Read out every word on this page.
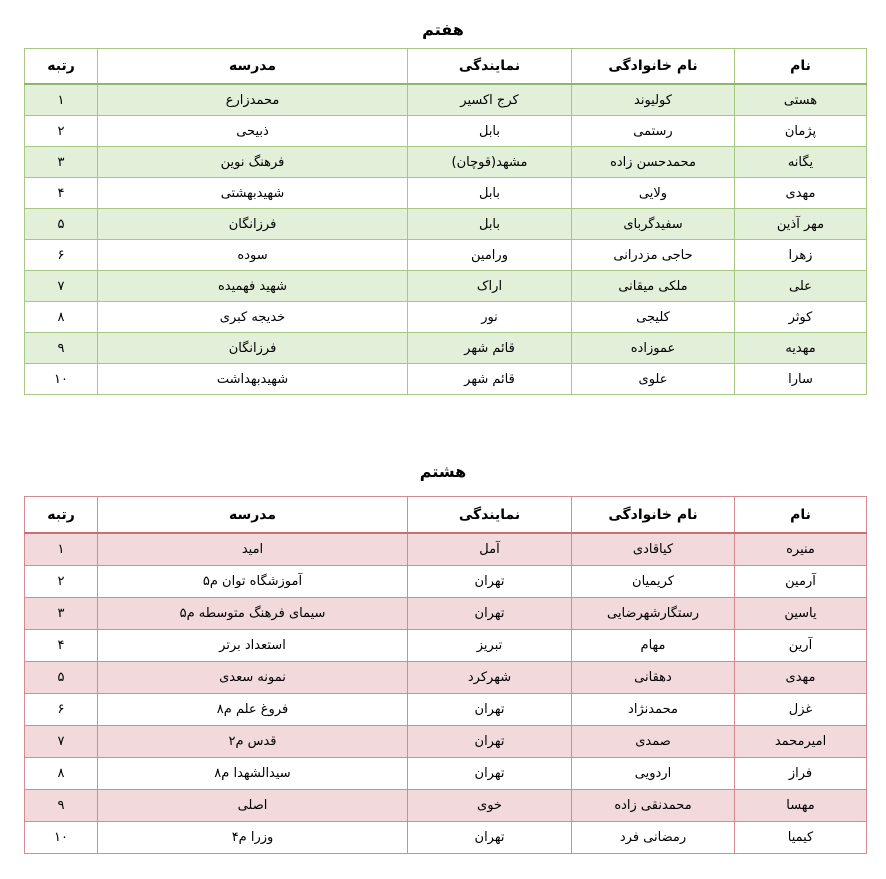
هفتم
نام	نام خانوادگی	نمایندگی	مدرسه	رتبه
هستی	کولیوند	کرج اکسیر	محمدزارع	۱
پژمان	رستمی	بابل	ذبیحی	۲
یگانه	محمدحسن زاده	مشهد(قوچان)	فرهنگ نوین	۳
مهدی	ولایی	بابل	شهیدبهشتی	۴
مهر آذین	سفیدگربای	بابل	فرزانگان	۵
زهرا	حاجی مزدرانی	ورامین	سوده	۶
علی	ملکی میقانی	اراک	شهید فهمیده	۷
کوثر	کلیجی	نور	خدیجه کبری	۸
مهدیه	عموزاده	قائم شهر	فرزانگان	۹
سارا	علوی	قائم شهر	شهیدبهداشت	۱۰
هشتم
نام	نام خانوادگی	نمایندگی	مدرسه	رتبه
منیره	کیاقادی	آمل	امید	۱
آرمین	کریمیان	تهران	آموزشگاه توان م۵	۲
یاسین	رستگارشهرضایی	تهران	سیمای فرهنگ متوسطه م۵	۳
آرین	مهام	تبریز	استعداد برتر	۴
مهدی	دهقانی	شهرکرد	نمونه سعدی	۵
غزل	محمدنژاد	تهران	فروغ علم م۸	۶
امیرمحمد	صمدی	تهران	قدس م۲	۷
فراز	اردویی	تهران	سیدالشهدا م۸	۸
مهسا	محمدنقی زاده	خوی	اصلی	۹
کیمیا	رمضانی فرد	تهران	وزرا م۴	۱۰
